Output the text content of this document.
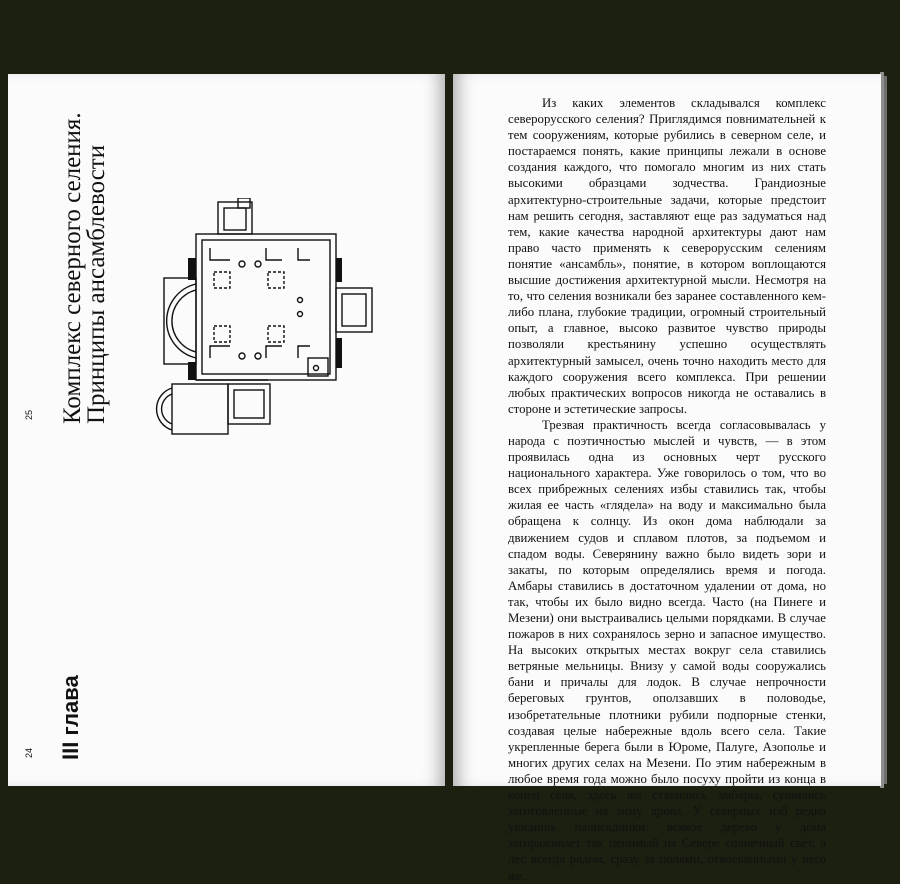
24
25
III глава
Комплекс северного селения.
Принципы ансамблевости

Из каких элементов складывался комплекс северорусского селения? Приглядимся повнимательней к тем сооружениям, которые рубились в северном селе, и постараемся понять, какие принципы лежали в основе создания каждого, что помогало многим из них стать высокими образцами зодчества. Грандиозные архитектурно-строительные задачи, которые предстоит нам решить сегодня, заставляют еще раз задуматься над тем, какие качества народной архитектуры дают нам право часто применять к северорусским селениям понятие «ансамбль», понятие, в котором воплощаются высшие достижения архитектурной мысли. Несмотря на то, что селения возникали без заранее составленного кем-либо плана, глубокие традиции, огромный строительный опыт, а главное, высоко развитое чувство природы позволяли крестьянину успешно осуществлять архитектурный замысел, очень точно находить место для каждого сооружения всего комплекса. При решении любых практических вопросов никогда не оставались в стороне и эстетические запросы.

Трезвая практичность всегда согласовывалась у народа с поэтичностью мыслей и чувств, — в этом проявилась одна из основных черт русского национального характера. Уже говорилось о том, что во всех прибрежных селениях избы ставились так, чтобы жилая ее часть «глядела» на воду и максимально была обращена к солнцу. Из окон дома наблюдали за движением судов и сплавом плотов, за подъемом и спадом воды. Северянину важно было видеть зори и закаты, по которым определялись время и погода. Амбары ставились в достаточном удалении от дома, но так, чтобы их было видно всегда. Часто (на Пинеге и Мезени) они выстраивались целыми порядками. В случае пожаров в них сохранялось зерно и запасное имущество. На высоких открытых местах вокруг села ставились ветряные мельницы. Внизу у самой воды сооружались бани и причалы для лодок. В случае непрочности береговых грунтов, оползавших в половодье, изобретательные плотники рубили подпорные стенки, создавая целые набережные вдоль всего села. Такие укрепленные берега были в Юроме, Палуге, Азополье и многих других селах на Мезени. По этим набережным в любое время года можно было посуху пройти из конца в конец села, здесь же ставились амбары, сушились заготовленные на зиму дрова. У северных изб редко увидишь палисадники: всякое дерево у дома загораживает так ценимый на Севере солнечный свет, а лес всегда рядом, сразу за полями, отвоеванными у него же.
